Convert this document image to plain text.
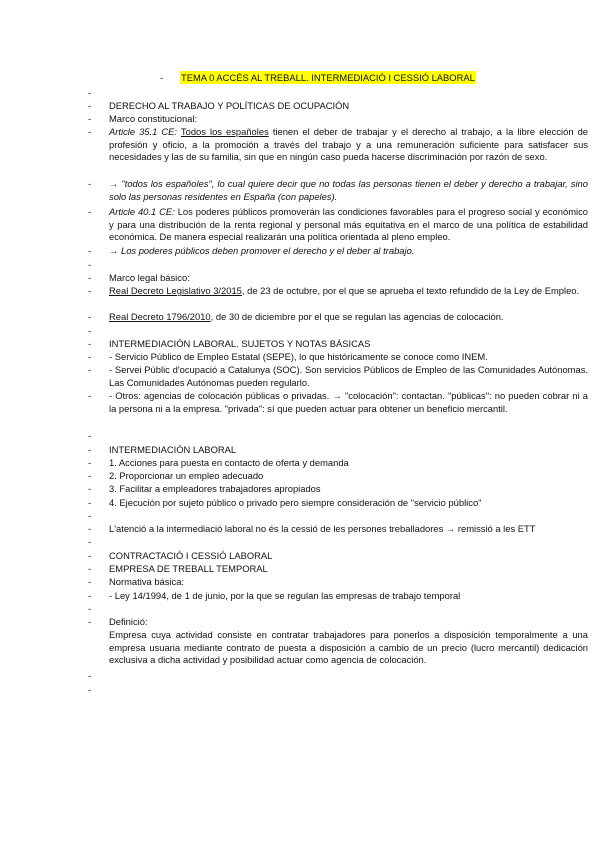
- TEMA 0 ACCÉS AL TREBALL. INTERMEDIACIÓ I CESSIÓ LABORAL
-
- DERECHO AL TRABAJO Y POLÍTICAS DE OCUPACIÓN
- Marco constitucional:
- Article 35.1 CE: Todos los españoles tienen el deber de trabajar y el derecho al trabajo, a la libre elección de profesión y oficio, a la promoción a través del trabajo y a una remuneración suficiente para satisfacer sus necesidades y las de su familia, sin que en ningún caso pueda hacerse discriminación por razón de sexo.
- → "todos los españoles", lo cual quiere decir que no todas las personas tienen el deber y derecho a trabajar, sino solo las personas residentes en España (con papeles).
- Article 40.1 CE: Los poderes públicos promoverán las condiciones favorables para el progreso social y económico y para una distribución de la renta regional y personal más equitativa en el marco de una política de estabilidad económica. De manera especial realizarán una política orientada al pleno empleo.
- → Los poderes públicos deben promover el derecho y el deber al trabajo.
-
- Marco legal básico:
- Real Decreto Legislativo 3/2015, de 23 de octubre, por el que se aprueba el texto refundido de la Ley de Empleo.
- Real Decreto 1796/2010, de 30 de diciembre por el que se regulan las agencias de colocación.
-
- INTERMEDIACIÓN LABORAL. SUJETOS Y NOTAS BÁSICAS
- - Servicio Público de Empleo Estatal (SEPE), lo que históricamente se conoce como INEM.
- - Servei Públic d'ocupació a Catalunya (SOC). Son servicios Públicos de Empleo de las Comunidades Autónomas. Las Comunidades Autónomas pueden regularlo.
- - Otros: agencias de colocación públicas o privadas. → "colocación": contactan. "públicas": no pueden cobrar ni a la persona ni a la empresa. "privada": sí que pueden actuar para obtener un beneficio mercantil.
-
- INTERMEDIACIÓN LABORAL
- 1. Acciones para puesta en contacto de oferta y demanda
- 2. Proporcionar un empleo adecuado
- 3. Facilitar a empleadores trabajadores apropiados
- 4. Ejecución por sujeto público o privado pero siempre consideración de "servicio público"
-
- L'atenció a la intermediació laboral no és la cessió de les persones treballadores → remissió a les ETT
-
- CONTRACTACIÓ I CESSIÓ LABORAL
- EMPRESA DE TREBALL TEMPORAL
- Normativa básica:
- - Ley 14/1994, de 1 de junio, por la que se regulan las empresas de trabajo temporal
-
- Definició:
Empresa cuya actividad consiste en contratar trabajadores para ponerlos a disposición temporalmente a una empresa usuaria mediante contrato de puesta a disposición a cambio de un precio (lucro mercantil) dedicación exclusiva a dicha actividad y posibilidad actuar como agencia de colocación.
-
-
